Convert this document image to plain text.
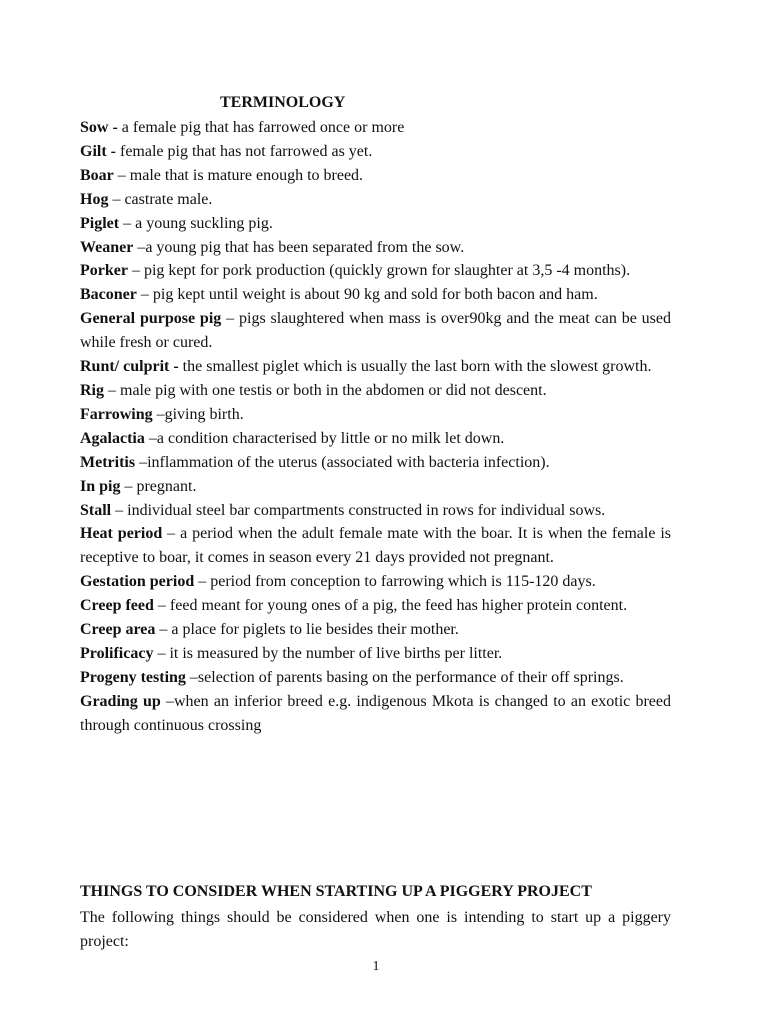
TERMINOLOGY

Sow - a female pig that has farrowed once or more

Gilt - female pig that has not farrowed as yet.

Boar – male that is mature enough to breed.

Hog – castrate male.

Piglet – a young suckling pig.

Weaner –a young pig that has been separated from the sow.

Porker – pig kept for pork production (quickly grown for slaughter at 3,5 -4 months).

Baconer – pig kept until weight is about 90 kg and sold for both bacon and ham.

General purpose pig – pigs slaughtered when mass is over90kg and the meat can be used while fresh or cured.

Runt/ culprit - the smallest piglet which is usually the last born with the slowest growth.

Rig – male pig with one testis or both in the abdomen or did not descent.

Farrowing –giving birth.

Agalactia –a condition characterised by little or no milk let down.

Metritis –inflammation of the uterus (associated with bacteria infection).

In pig – pregnant.

Stall – individual steel bar compartments constructed in rows for individual sows.

Heat period – a period when the adult female mate with the boar. It is when the female is receptive to boar, it comes in season every 21 days provided not pregnant.

Gestation period – period from conception to farrowing which is 115-120 days.

Creep feed – feed meant for young ones of a pig, the feed has higher protein content.

Creep area – a place for piglets to lie besides their mother.

Prolificacy – it is measured by the number of live births per litter.

Progeny testing –selection of parents basing on the performance of their off springs.

Grading up –when an inferior breed e.g. indigenous Mkota is changed to an exotic breed through continuous crossing

THINGS TO CONSIDER WHEN STARTING UP A PIGGERY PROJECT

The following things should be considered when one is intending to start up a piggery project:

1
